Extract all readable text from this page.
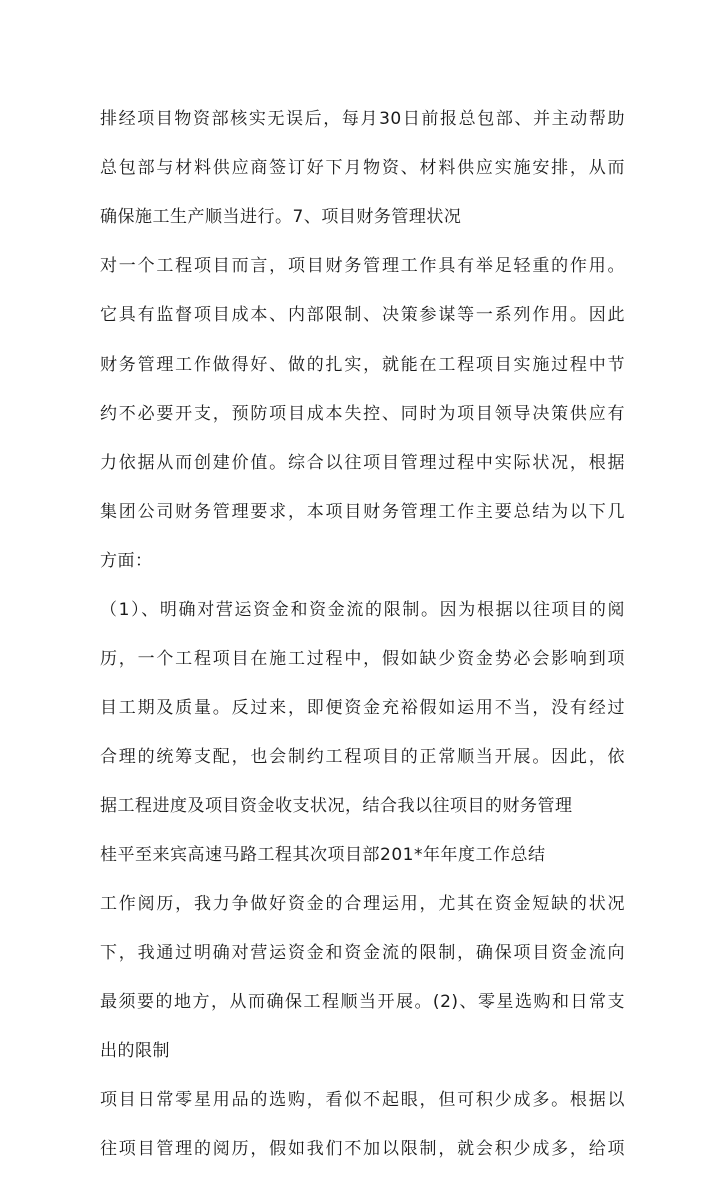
排经项目物资部核实无误后，每月30日前报总包部、并主动帮助
总包部与材料供应商签订好下月物资、材料供应实施安排，从而
确保施工生产顺当进行。7、项目财务管理状况
对一个工程项目而言，项目财务管理工作具有举足轻重的作用。
它具有监督项目成本、内部限制、决策参谋等一系列作用。因此
财务管理工作做得好、做的扎实，就能在工程项目实施过程中节
约不必要开支，预防项目成本失控、同时为项目领导决策供应有
力依据从而创建价值。综合以往项目管理过程中实际状况，根据
集团公司财务管理要求，本项目财务管理工作主要总结为以下几
方面：
（1）、明确对营运资金和资金流的限制。因为根据以往项目的阅
历，一个工程项目在施工过程中，假如缺少资金势必会影响到项
目工期及质量。反过来，即便资金充裕假如运用不当，没有经过
合理的统筹支配，也会制约工程项目的正常顺当开展。因此，依
据工程进度及项目资金收支状况，结合我以往项目的财务管理
桂平至来宾高速马路工程其次项目部201*年年度工作总结
工作阅历，我力争做好资金的合理运用，尤其在资金短缺的状况
下，我通过明确对营运资金和资金流的限制，确保项目资金流向
最须要的地方，从而确保工程顺当开展。(2)、零星选购和日常支
出的限制
项目日常零星用品的选购，看似不起眼，但可积少成多。根据以
往项目管理的阅历，假如我们不加以限制，就会积少成多，给项
